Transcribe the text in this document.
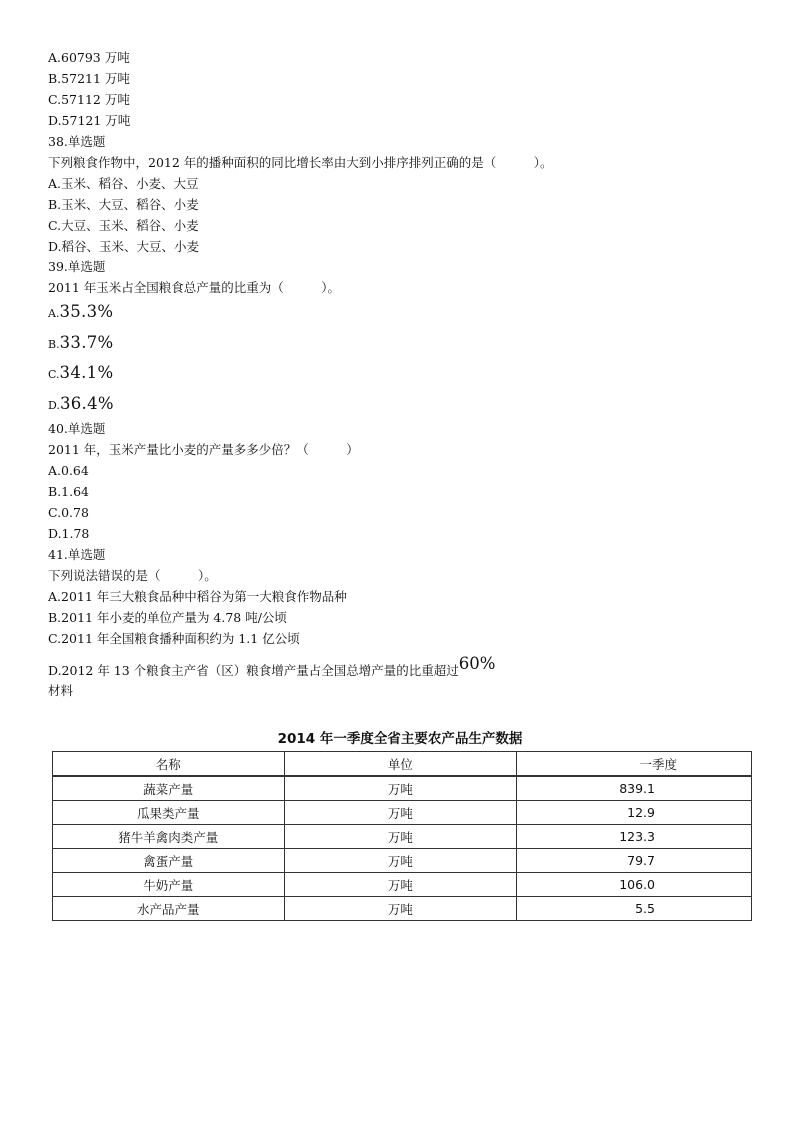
A.60793 万吨
B.57211 万吨
C.57112 万吨
D.57121 万吨
38.单选题
下列粮食作物中，2012 年的播种面积的同比增长率由大到小排序排列正确的是（　　　）。
A.玉米、稻谷、小麦、大豆
B.玉米、大豆、稻谷、小麦
C.大豆、玉米、稻谷、小麦
D.稻谷、玉米、大豆、小麦
39.单选题
2011 年玉米占全国粮食总产量的比重为（　　　）。
A.35.3%
B.33.7%
C.34.1%
D.36.4%
40.单选题
2011 年，玉米产量比小麦的产量多多少倍？（　　　）
A.0.64
B.1.64
C.0.78
D.1.78
41.单选题
下列说法错误的是（　　　）。
A.2011 年三大粮食品种中稻谷为第一大粮食作物品种
B.2011 年小麦的单位产量为 4.78 吨/公顷
C.2011 年全国粮食播种面积约为 1.1 亿公顷
D.2012 年 13 个粮食主产省（区）粮食增产量占全国总增产量的比重超过60%
材料
2014 年一季度全省主要农产品生产数据
名称	单位	一季度
蔬菜产量	万吨	839.1
瓜果类产量	万吨	12.9
猪牛羊禽肉类产量	万吨	123.3
禽蛋产量	万吨	79.7
牛奶产量	万吨	106.0
水产品产量	万吨	5.5
